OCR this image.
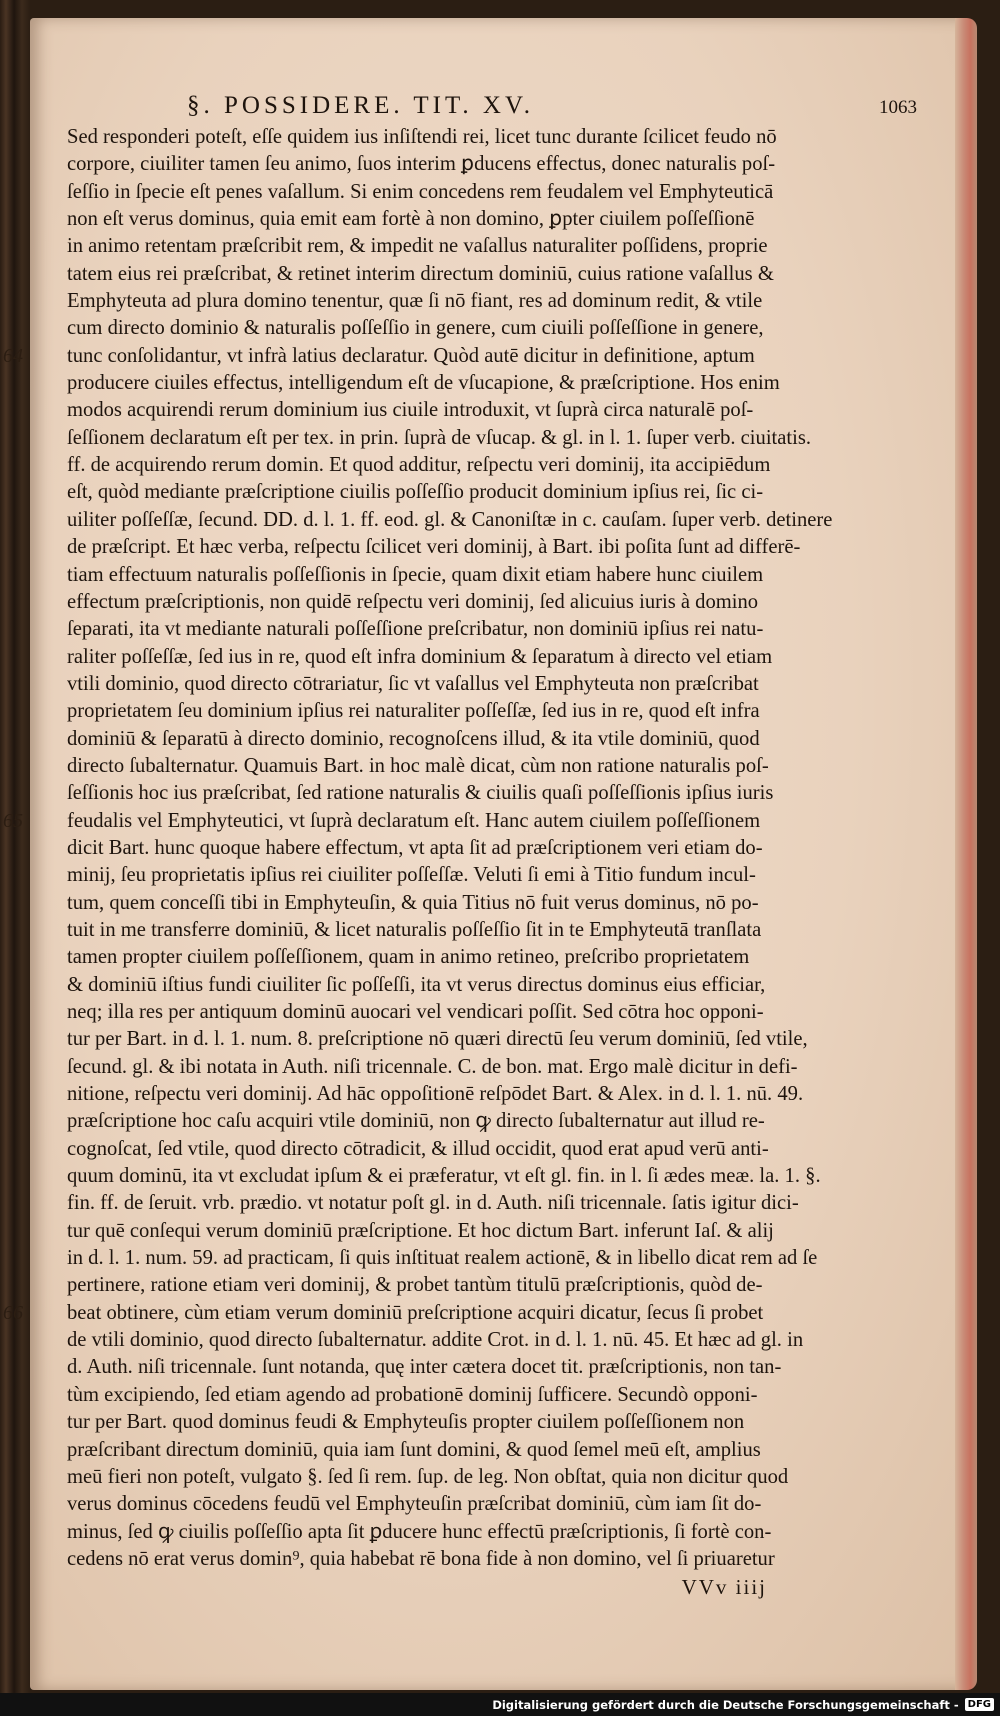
§. POSSIDERE. TIT. XV.	1063
Sed responderi poteſt, eſſe quidem ius inſiſtendi rei, licet tunc durante ſcilicet feudo nō
corpore, ciuiliter tamen ſeu animo, ſuos interim ꝑducens effectus, donec naturalis poſ-
ſeſſio in ſpecie eſt penes vaſallum. Si enim concedens rem feudalem vel Emphyteuticā
non eſt verus dominus, quia emit eam fortè à non domino, ꝑpter ciuilem poſſeſſionē
in animo retentam præſcribit rem, & impedit ne vaſallus naturaliter poſſidens, proprie
tatem eius rei præſcribat, & retinet interim directum dominiū, cuius ratione vaſallus &
Emphyteuta ad plura domino tenentur, quæ ſi nō fiant, res ad dominum redit, & vtile
cum directo dominio & naturalis poſſeſſio in genere, cum ciuili poſſeſſione in genere,
64 tunc conſolidantur, vt infrà latius declaratur. Quòd autē dicitur in definitione, aptum
producere ciuiles effectus, intelligendum eſt de vſucapione, & præſcriptione. Hos enim
modos acquirendi rerum dominium ius ciuile introduxit, vt ſuprà circa naturalē poſ-
ſeſſionem declaratum eſt per tex. in prin. ſuprà de vſucap. & gl. in l. 1. ſuper verb. ciuitatis.
ff. de acquirendo rerum domin. Et quod additur, reſpectu veri dominij, ita accipiēdum
eſt, quòd mediante præſcriptione ciuilis poſſeſſio producit dominium ipſius rei, ſic ci-
uiliter poſſeſſæ, ſecund. DD. d. l. 1. ff. eod. gl. & Canoniſtæ in c. cauſam. ſuper verb. detinere
de præſcript. Et hæc verba, reſpectu ſcilicet veri dominij, à Bart. ibi poſita ſunt ad differē-
tiam effectuum naturalis poſſeſſionis in ſpecie, quam dixit etiam habere hunc ciuilem
effectum præſcriptionis, non quidē reſpectu veri dominij, ſed alicuius iuris à domino
ſeparati, ita vt mediante naturali poſſeſſione preſcribatur, non dominiū ipſius rei natu-
raliter poſſeſſæ, ſed ius in re, quod eſt infra dominium & ſeparatum à directo vel etiam
vtili dominio, quod directo cōtrariatur, ſic vt vaſallus vel Emphyteuta non præſcribat
proprietatem ſeu dominium ipſius rei naturaliter poſſeſſæ, ſed ius in re, quod eſt infra
dominiū & ſeparatū à directo dominio, recognoſcens illud, & ita vtile dominiū, quod
directo ſubalternatur. Quamuis Bart. in hoc malè dicat, cùm non ratione naturalis poſ-
ſeſſionis hoc ius præſcribat, ſed ratione naturalis & ciuilis quaſi poſſeſſionis ipſius iuris
65 feudalis vel Emphyteutici, vt ſuprà declaratum eſt. Hanc autem ciuilem poſſeſſionem
dicit Bart. hunc quoque habere effectum, vt apta ſit ad præſcriptionem veri etiam do-
minij, ſeu proprietatis ipſius rei ciuiliter poſſeſſæ. Veluti ſi emi à Titio fundum incul-
tum, quem conceſſi tibi in Emphyteuſin, & quia Titius nō fuit verus dominus, nō po-
tuit in me transferre dominiū, & licet naturalis poſſeſſio ſit in te Emphyteutā tranſlata
tamen propter ciuilem poſſeſſionem, quam in animo retineo, preſcribo proprietatem
& dominiū iſtius fundi ciuiliter ſic poſſeſſi, ita vt verus directus dominus eius efficiar,
neq; illa res per antiquum dominū auocari vel vendicari poſſit. Sed cōtra hoc opponi-
tur per Bart. in d. l. 1. num. 8. preſcriptione nō quæri directū ſeu verum dominiū, ſed vtile,
ſecund. gl. & ibi notata in Auth. niſi tricennale. C. de bon. mat. Ergo malè dicitur in defi-
nitione, reſpectu veri dominij. Ad hāc oppoſitionē reſpōdet Bart. & Alex. in d. l. 1. nū. 49.
præſcriptione hoc caſu acquiri vtile dominiū, non ꝙ directo ſubalternatur aut illud re-
cognoſcat, ſed vtile, quod directo cōtradicit, & illud occidit, quod erat apud verū anti-
quum dominū, ita vt excludat ipſum & ei præferatur, vt eſt gl. fin. in l. ſi ædes meæ. la. 1. §.
fin. ff. de ſeruit. vrb. prædio. vt notatur poſt gl. in d. Auth. niſi tricennale. ſatis igitur dici-
tur quē conſequi verum dominiū præſcriptione. Et hoc dictum Bart. inferunt Iaſ. & alij
in d. l. 1. num. 59. ad practicam, ſi quis inſtituat realem actionē, & in libello dicat rem ad ſe
pertinere, ratione etiam veri dominij, & probet tantùm titulū præſcriptionis, quòd de-
66 beat obtinere, cùm etiam verum dominiū preſcriptione acquiri dicatur, ſecus ſi probet
de vtili dominio, quod directo ſubalternatur. addite Crot. in d. l. 1. nū. 45. Et hæc ad gl. in
d. Auth. niſi tricennale. ſunt notanda, quę inter cætera docet tit. præſcriptionis, non tan-
tùm excipiendo, ſed etiam agendo ad probationē dominij ſufficere. Secundò opponi-
tur per Bart. quod dominus feudi & Emphyteuſis propter ciuilem poſſeſſionem non
præſcribant directum dominiū, quia iam ſunt domini, & quod ſemel meū eſt, amplius
meū fieri non poteſt, vulgato §. ſed ſi rem. ſup. de leg. Non obſtat, quia non dicitur quod
verus dominus cōcedens feudū vel Emphyteuſin præſcribat dominiū, cùm iam ſit do-
minus, ſed ꝙ ciuilis poſſeſſio apta ſit ꝑducere hunc effectū præſcriptionis, ſi fortè con-
cedens nō erat verus domin⁹, quia habebat rē bona fide à non domino, vel ſi priuaretur
VVv iiij
Digitalisierung gefördert durch die Deutsche Forschungsgemeinschaft - DFG
